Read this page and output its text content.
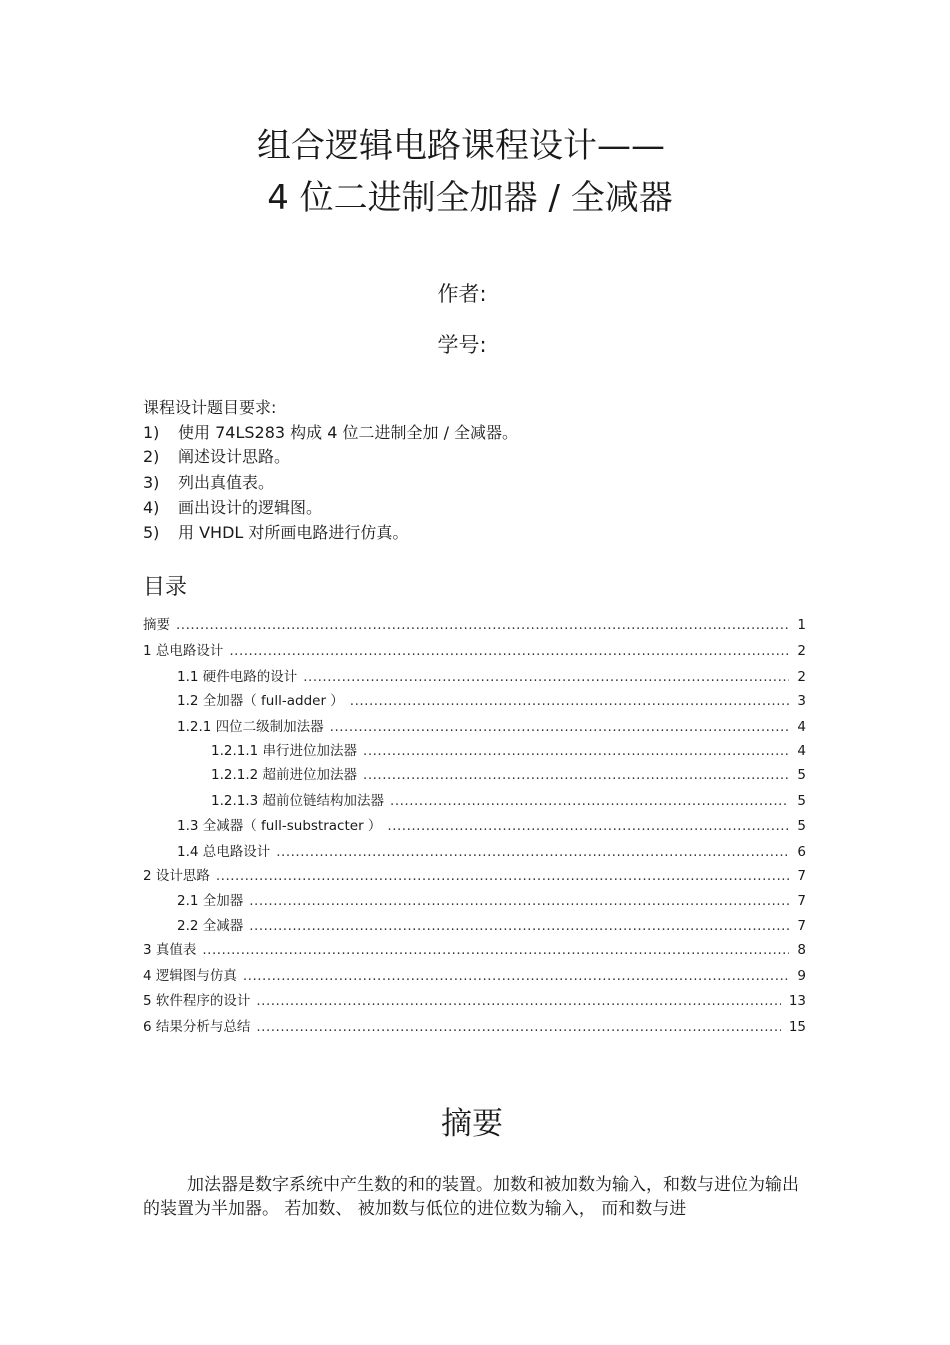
组合逻辑电路课程设计——
4 位二进制全加器 / 全减器
作者:
学号:
课程设计题目要求:
1) 使用 74LS283 构成 4 位二进制全加 / 全减器。
2) 阐述设计思路。
3) 列出真值表。
4) 画出设计的逻辑图。
5) 用 VHDL 对所画电路进行仿真。
目录
摘要 .....	1
1 总电路设计 .....	2
1.1 硬件电路的设计 .....	2
1.2 全加器（ full-adder ） .....	3
1.2.1 四位二级制加法器 .....	4
1.2.1.1 串行进位加法器 .....	4
1.2.1.2 超前进位加法器 .....	5
1.2.1.3 超前位链结构加法器 .....	5
1.3 全减器（ full-substracter ） .....	5
1.4 总电路设计 .....	6
2 设计思路 .....	7
2.1 全加器 .....	7
2.2 全减器 .....	7
3 真值表 .....	8
4 逻辑图与仿真 .....	9
5 软件程序的设计 .....	13
6 结果分析与总结 .....	15
摘要
加法器是数字系统中产生数的和的装置。加数和被加数为输入，和数与进位为输出的装置为半加器。 若加数、 被加数与低位的进位数为输入， 而和数与进
